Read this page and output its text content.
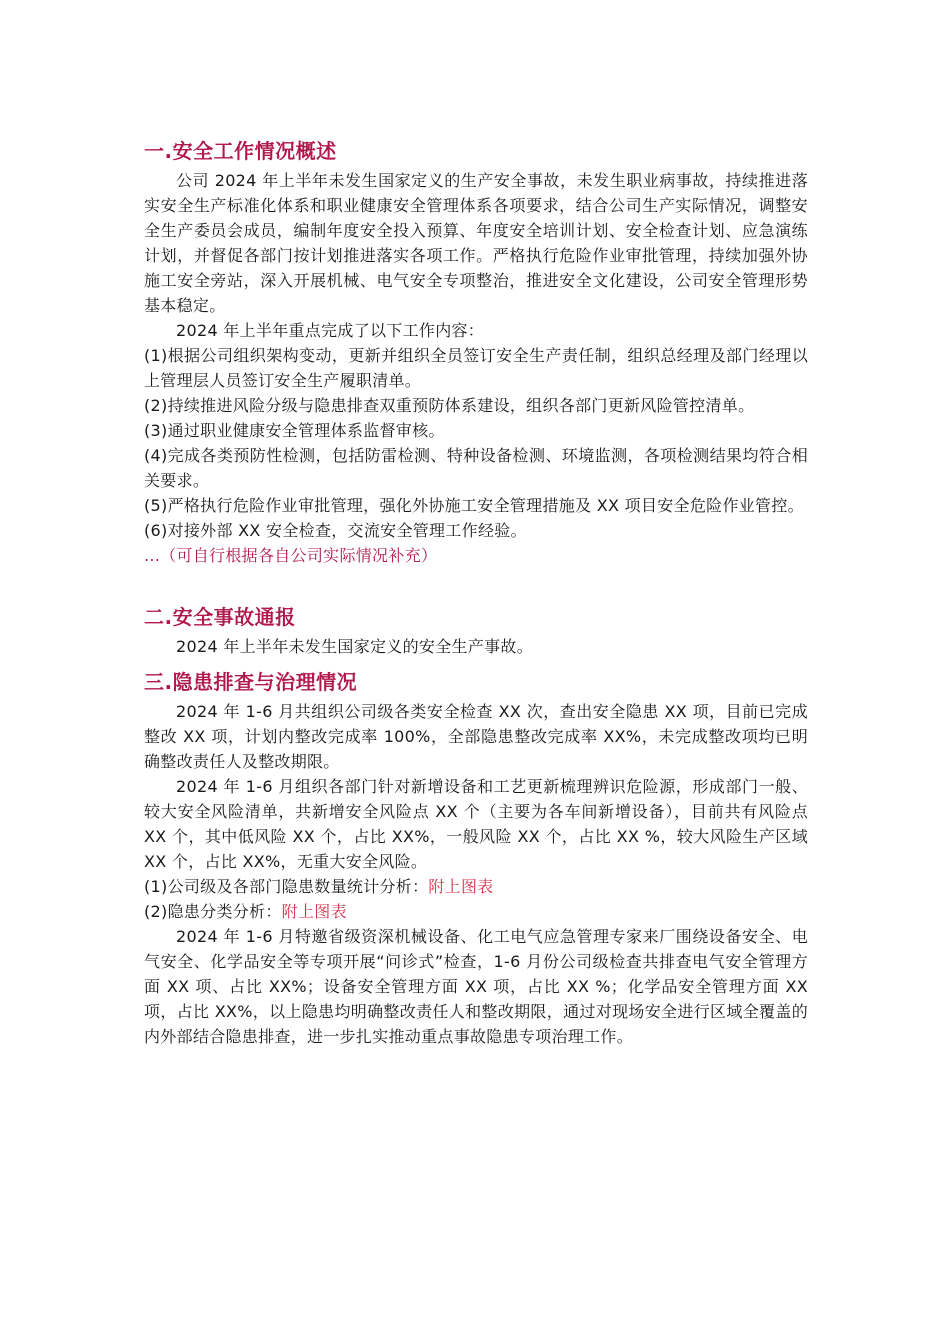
一.安全工作情况概述

公司 2024 年上半年未发生国家定义的生产安全事故，未发生职业病事故，持续推进落实安全生产标准化体系和职业健康安全管理体系各项要求，结合公司生产实际情况，调整安全生产委员会成员，编制年度安全投入预算、年度安全培训计划、安全检查计划、应急演练计划，并督促各部门按计划推进落实各项工作。严格执行危险作业审批管理，持续加强外协施工安全旁站，深入开展机械、电气安全专项整治，推进安全文化建设，公司安全管理形势基本稳定。

2024 年上半年重点完成了以下工作内容：

(1)根据公司组织架构变动，更新并组织全员签订安全生产责任制，组织总经理及部门经理以上管理层人员签订安全生产履职清单。

(2)持续推进风险分级与隐患排查双重预防体系建设，组织各部门更新风险管控清单。

(3)通过职业健康安全管理体系监督审核。

(4)完成各类预防性检测，包括防雷检测、特种设备检测、环境监测，各项检测结果均符合相关要求。

(5)严格执行危险作业审批管理，强化外协施工安全管理措施及 XX 项目安全危险作业管控。

(6)对接外部 XX 安全检查，交流安全管理工作经验。

...（可自行根据各自公司实际情况补充）

二.安全事故通报

2024 年上半年未发生国家定义的安全生产事故。

三.隐患排查与治理情况

2024 年 1-6 月共组织公司级各类安全检查 XX 次，查出安全隐患 XX 项，目前已完成整改 XX 项，计划内整改完成率 100%，全部隐患整改完成率 XX%，未完成整改项均已明确整改责任人及整改期限。

2024 年 1-6 月组织各部门针对新增设备和工艺更新梳理辨识危险源，形成部门一般、较大安全风险清单，共新增安全风险点 XX 个（主要为各车间新增设备），目前共有风险点 XX 个，其中低风险 XX 个，占比 XX%，一般风险 XX 个，占比 XX %，较大风险生产区域 XX 个，占比 XX%，无重大安全风险。

(1)公司级及各部门隐患数量统计分析：附上图表

(2)隐患分类分析：附上图表

2024 年 1-6 月特邀省级资深机械设备、化工电气应急管理专家来厂围绕设备安全、电气安全、化学品安全等专项开展“问诊式”检查，1-6 月份公司级检查共排查电气安全管理方面 XX 项、占比 XX%；设备安全管理方面 XX 项，占比 XX %；化学品安全管理方面 XX 项，占比 XX%，以上隐患均明确整改责任人和整改期限，通过对现场安全进行区域全覆盖的内外部结合隐患排查，进一步扎实推动重点事故隐患专项治理工作。
